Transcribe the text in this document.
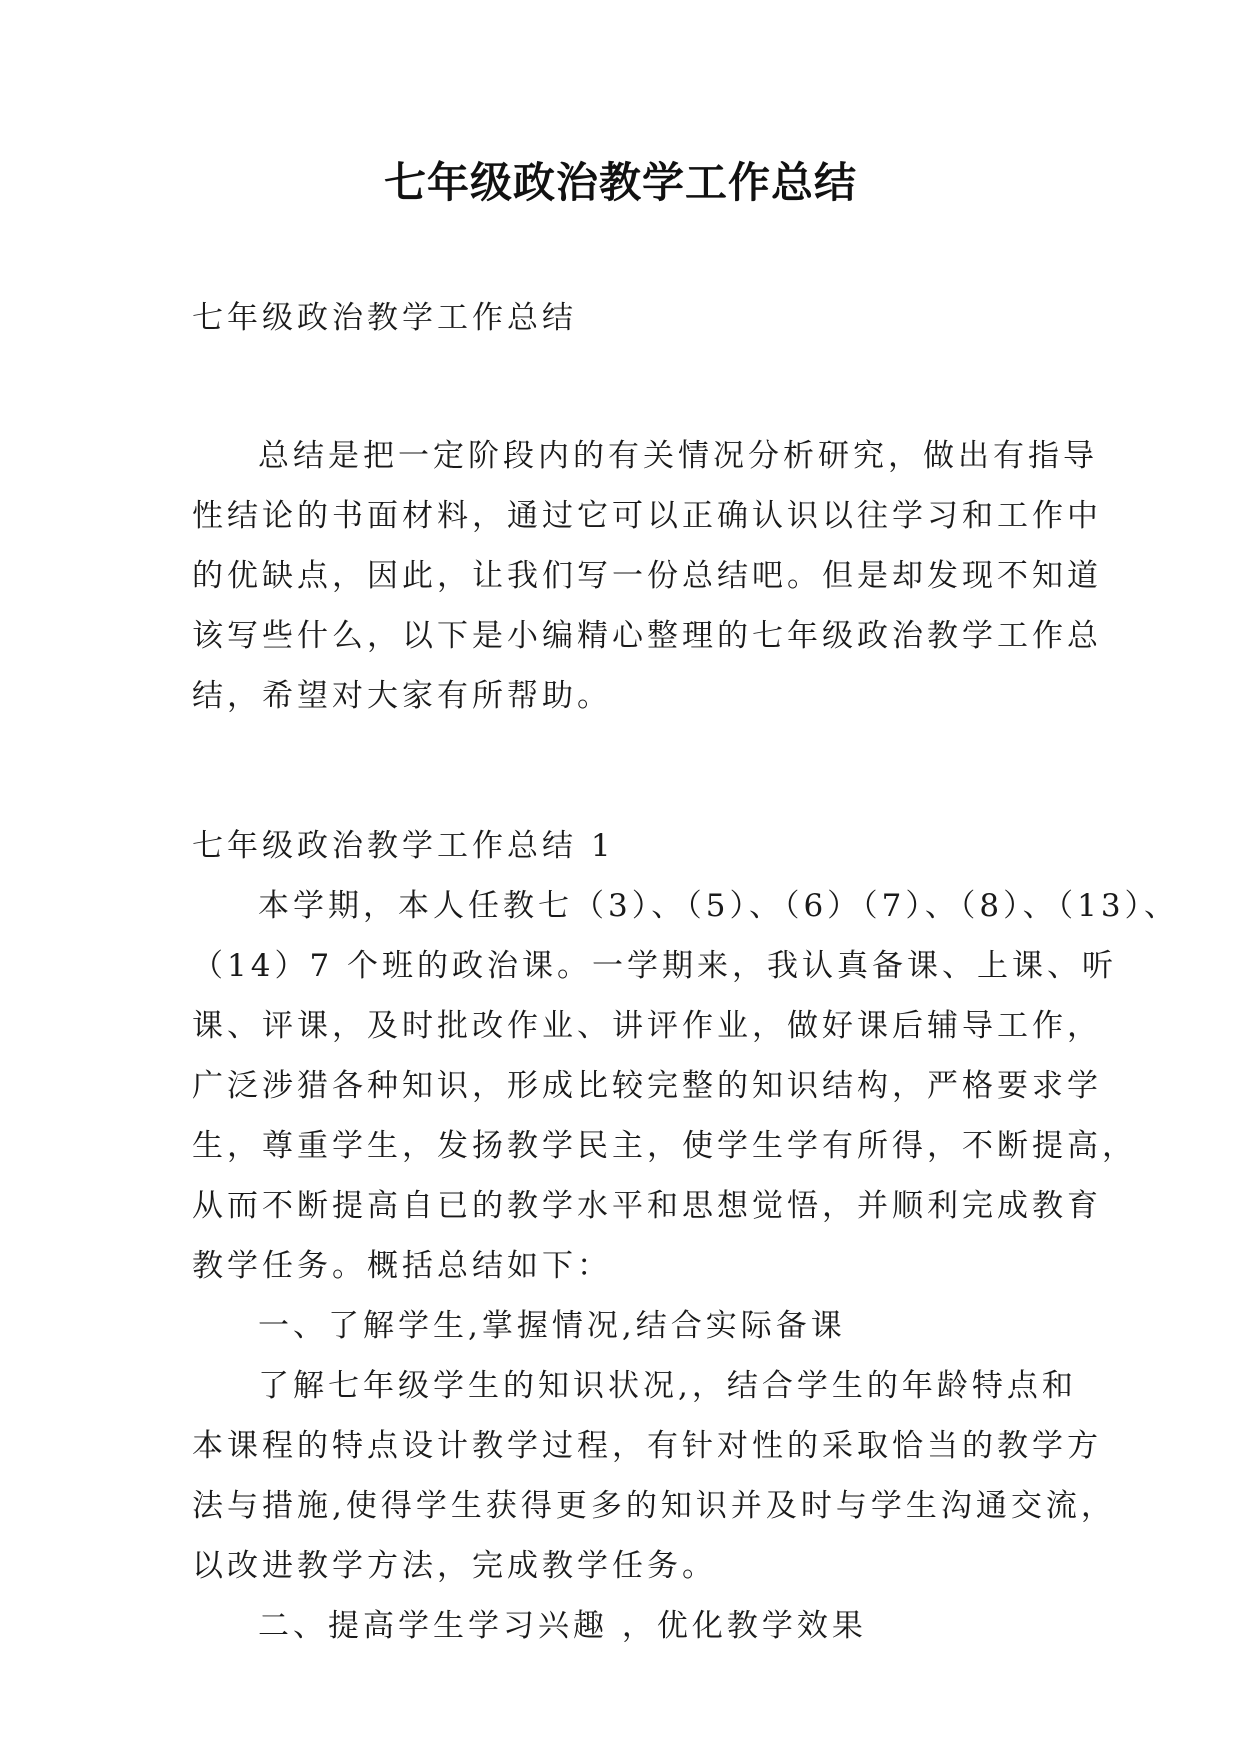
七年级政治教学工作总结
七年级政治教学工作总结
总结是把一定阶段内的有关情况分析研究，做出有指导
性结论的书面材料，通过它可以正确认识以往学习和工作中
的优缺点，因此，让我们写一份总结吧。但是却发现不知道
该写些什么，以下是小编精心整理的七年级政治教学工作总
结，希望对大家有所帮助。
七年级政治教学工作总结 1
本学期，本人任教七（3）、（5）、（6）（7）、（8）、（13）、
（14）7 个班的政治课。一学期来，我认真备课、上课、听
课、评课，及时批改作业、讲评作业，做好课后辅导工作，
广泛涉猎各种知识，形成比较完整的知识结构，严格要求学
生，尊重学生，发扬教学民主，使学生学有所得，不断提高，
从而不断提高自已的教学水平和思想觉悟，并顺利完成教育
教学任务。概括总结如下：
一、了解学生,掌握情况,结合实际备课
了解七年级学生的知识状况,，结合学生的年龄特点和
本课程的特点设计教学过程，有针对性的采取恰当的教学方
法与措施,使得学生获得更多的知识并及时与学生沟通交流，
以改进教学方法，完成教学任务。
二、提高学生学习兴趣 ，优化教学效果
